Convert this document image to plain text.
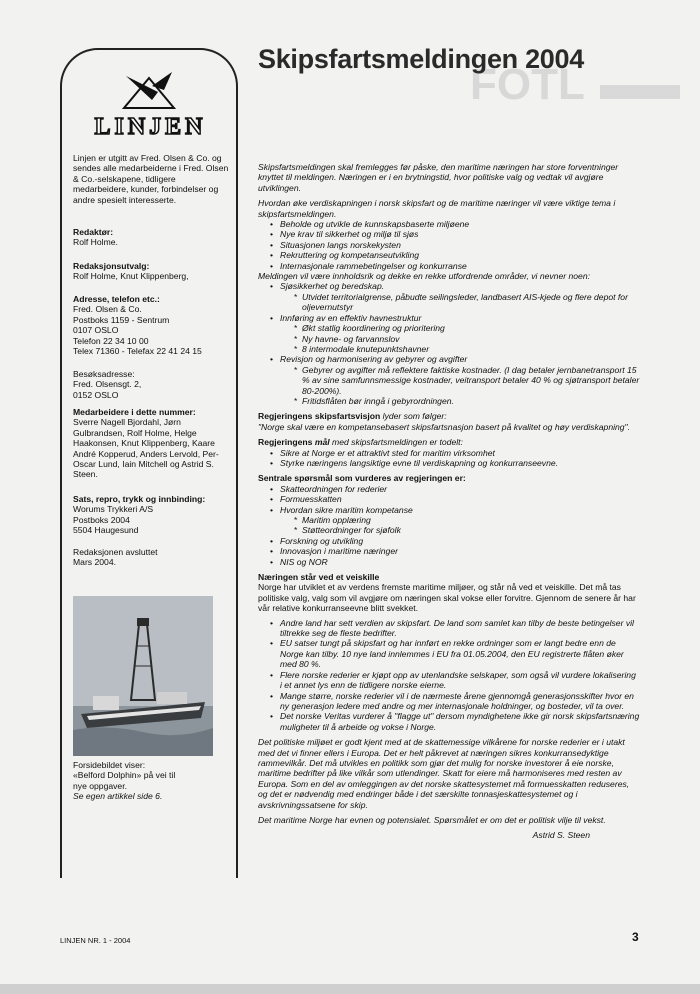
FOTL
LINJEN
Linjen er utgitt av Fred. Olsen & Co. og sendes alle medarbeiderne i Fred. Olsen & Co.-selskapene, tidligere medarbeidere, kunder, forbindelser og andre spesielt interesserte.
Redaktør:
Rolf Holme.
Redaksjonsutvalg:
Rolf Holme, Knut Klippenberg,
Adresse, telefon etc.:
Fred. Olsen & Co.
Postboks 1159 - Sentrum
0107 OSLO
Telefon 22 34 10 00
Telex 71360 - Telefax 22 41 24 15
Besøksadresse:
Fred. Olsensgt. 2,
0152 OSLO
Medarbeidere i dette nummer:
Sverre Nagell Bjordahl, Jørn Gulbrandsen, Rolf Holme, Helge Haakonsen, Knut Klippenberg, Kaare André Kopperud, Anders Lervold, Per-Oscar Lund, Iain Mitchell og Astrid S. Steen.
Sats, repro, trykk og innbinding:
Worums Trykkeri A/S
Postboks 2004
5504 Haugesund
Redaksjonen avsluttet Mars 2004.
Forsidebildet viser:
«Belford Dolphin» på vei til
nye oppgaver.
Se egen artikkel side 6.
Skipsfartsmeldingen 2004

Skipsfartsmeldingen skal fremlegges før påske, den maritime næringen har store forventninger knyttet til meldingen. Næringen er i en brytningstid, hvor politiske valg og vedtak vil avgjøre utviklingen.

Hvordan øke verdiskapningen i norsk skipsfart og de maritime næringer vil være viktige tema i skipsfartsmeldingen.

• Beholde og utvikle de kunnskapsbaserte miljøene
• Nye krav til sikkerhet og miljø til sjøs
• Situasjonen langs norskekysten
• Rekruttering og kompetanseutvikling
• Internasjonale rammebetingelser og konkurranse

Meldingen vil være innholdsrik og dekke en rekke utfordrende områder, vi nevner noen:

• Sjøsikkerhet og beredskap.
* Utvidet territorialgrense, påbudte seilingsleder, landbasert AIS-kjede og flere depot for oljevernutstyr
• Innføring av en effektiv havnestruktur
* Økt statlig koordinering og prioritering
* Ny havne- og farvannslov
* 8 intermodale knutepunktshavner
• Revisjon og harmonisering av gebyrer og avgifter
* Gebyrer og avgifter må reflektere faktiske kostnader. (I dag betaler jernbanetransport 15 % av sine samfunnsmessige kostnader, veitransport betaler 40 % og sjøtransport betaler 80-200%).
* Fritidsflåten bør inngå i gebyrordningen.

Regjeringens skipsfartsvisjon lyder som følger:

"Norge skal være en kompetansebasert skipsfartsnasjon basert på kvalitet og høy verdiskapning".

Regjeringens mål med skipsfartsmeldingen er todelt:

• Sikre at Norge er et attraktivt sted for maritim virksomhet
• Styrke næringens langsiktige evne til verdiskapning og konkurranseevne.

Sentrale spørsmål som vurderes av regjeringen er:

• Skatteordningen for rederier
• Formuesskatten
• Hvordan sikre maritim kompetanse
* Maritim opplæring
* Støtteordninger for sjøfolk
• Forskning og utvikling
• Innovasjon i maritime næringer
• NIS og NOR

Næringen står ved et veiskille

Norge har utviklet et av verdens fremste maritime miljøer, og står nå ved et veiskille. Det må tas politiske valg, valg som vil avgjøre om næringen skal vokse eller forvitre. Gjennom de senere år har vår relative konkurranseevne blitt svekket.

• Andre land har sett verdien av skipsfart. De land som samlet kan tilby de beste betingelser vil tiltrekke seg de fleste bedrifter.
• EU satser tungt på skipsfart og har innført en rekke ordninger som er langt bedre enn de Norge kan tilby. 10 nye land innlemmes i EU fra 01.05.2004, den EU registrerte flåten øker med 80 %.
• Flere norske rederier er kjøpt opp av utenlandske selskaper, som også vil vurdere lokalisering i et annet lys enn de tidligere norske eierne.
• Mange større, norske rederier vil i de nærmeste årene gjennomgå generasjonsskifter hvor en ny generasjon ledere med andre og mer internasjonale holdninger, og bosteder, vil ta over.
• Det norske Veritas vurderer å "flagge ut" dersom myndighetene ikke gir norsk skipsfartsnæring muligheter til å arbeide og vokse i Norge.

Det politiske miljøet er godt kjent med at de skattemessige vilkårene for norske rederier er i utakt med det vi finner ellers i Europa. Det er helt påkrevet at næringen sikres konkurransedyktige rammevilkår. Det må utvikles en politikk som gjør det mulig for norske investorer å eie norske, maritime bedrifter på like vilkår som utlendinger. Skatt for eiere må harmoniseres med resten av Europa. Som en del av omleggingen av det norske skattesystemet må formuesskatten reduseres, og det er nødvendig med endringer både i det særskilte tonnasjeskattesystemet og i avskrivningssatsene for skip.

Det maritime Norge har evnen og potensialet. Spørsmålet er om det er politisk vilje til vekst.

Astrid S. Steen

LINJEN NR. 1 - 2004	3
